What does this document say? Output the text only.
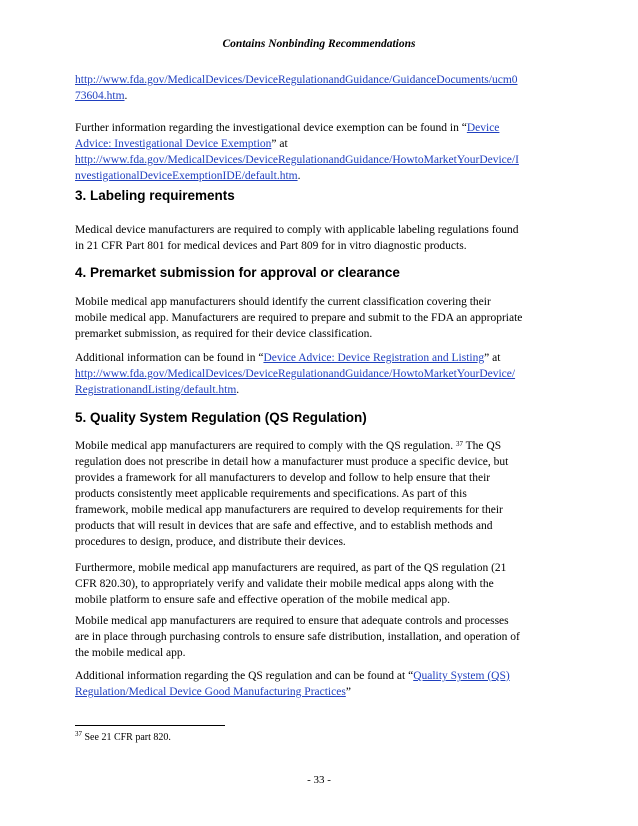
Contains Nonbinding Recommendations

http://www.fda.gov/MedicalDevices/DeviceRegulationandGuidance/GuidanceDocuments/ucm0

73604.htm.

Further information regarding the investigational device exemption can be found in “Device

Advice: Investigational Device Exemption” at

http://www.fda.gov/MedicalDevices/DeviceRegulationandGuidance/HowtoMarketYourDevice/I

nvestigationalDeviceExemptionIDE/default.htm.

3. Labeling requirements

Medical device manufacturers are required to comply with applicable labeling regulations found

in 21 CFR Part 801 for medical devices and Part 809 for in vitro diagnostic products.

4. Premarket submission for approval or clearance

Mobile medical app manufacturers should identify the current classification covering their

mobile medical app. Manufacturers are required to prepare and submit to the FDA an appropriate

premarket submission, as required for their device classification.

Additional information can be found in “Device Advice: Device Registration and Listing” at

http://www.fda.gov/MedicalDevices/DeviceRegulationandGuidance/HowtoMarketYourDevice/

RegistrationandListing/default.htm.

5. Quality System Regulation (QS Regulation)

Mobile medical app manufacturers are required to comply with the QS regulation. $^{37}$ The QS

regulation does not prescribe in detail how a manufacturer must produce a specific device, but

provides a framework for all manufacturers to develop and follow to help ensure that their

products consistently meet applicable requirements and specifications. As part of this

framework, mobile medical app manufacturers are required to develop requirements for their

products that will result in devices that are safe and effective, and to establish methods and

procedures to design, produce, and distribute their devices.

Furthermore, mobile medical app manufacturers are required, as part of the QS regulation (21

CFR 820.30), to appropriately verify and validate their mobile medical apps along with the

mobile platform to ensure safe and effective operation of the mobile medical app.

Mobile medical app manufacturers are required to ensure that adequate controls and processes

are in place through purchasing controls to ensure safe distribution, installation, and operation of

the mobile medical app.

Additional information regarding the QS regulation and can be found at “Quality System (QS)

Regulation/Medical Device Good Manufacturing Practices”

$^{37}$ See 21 CFR part 820.
- 33 -
